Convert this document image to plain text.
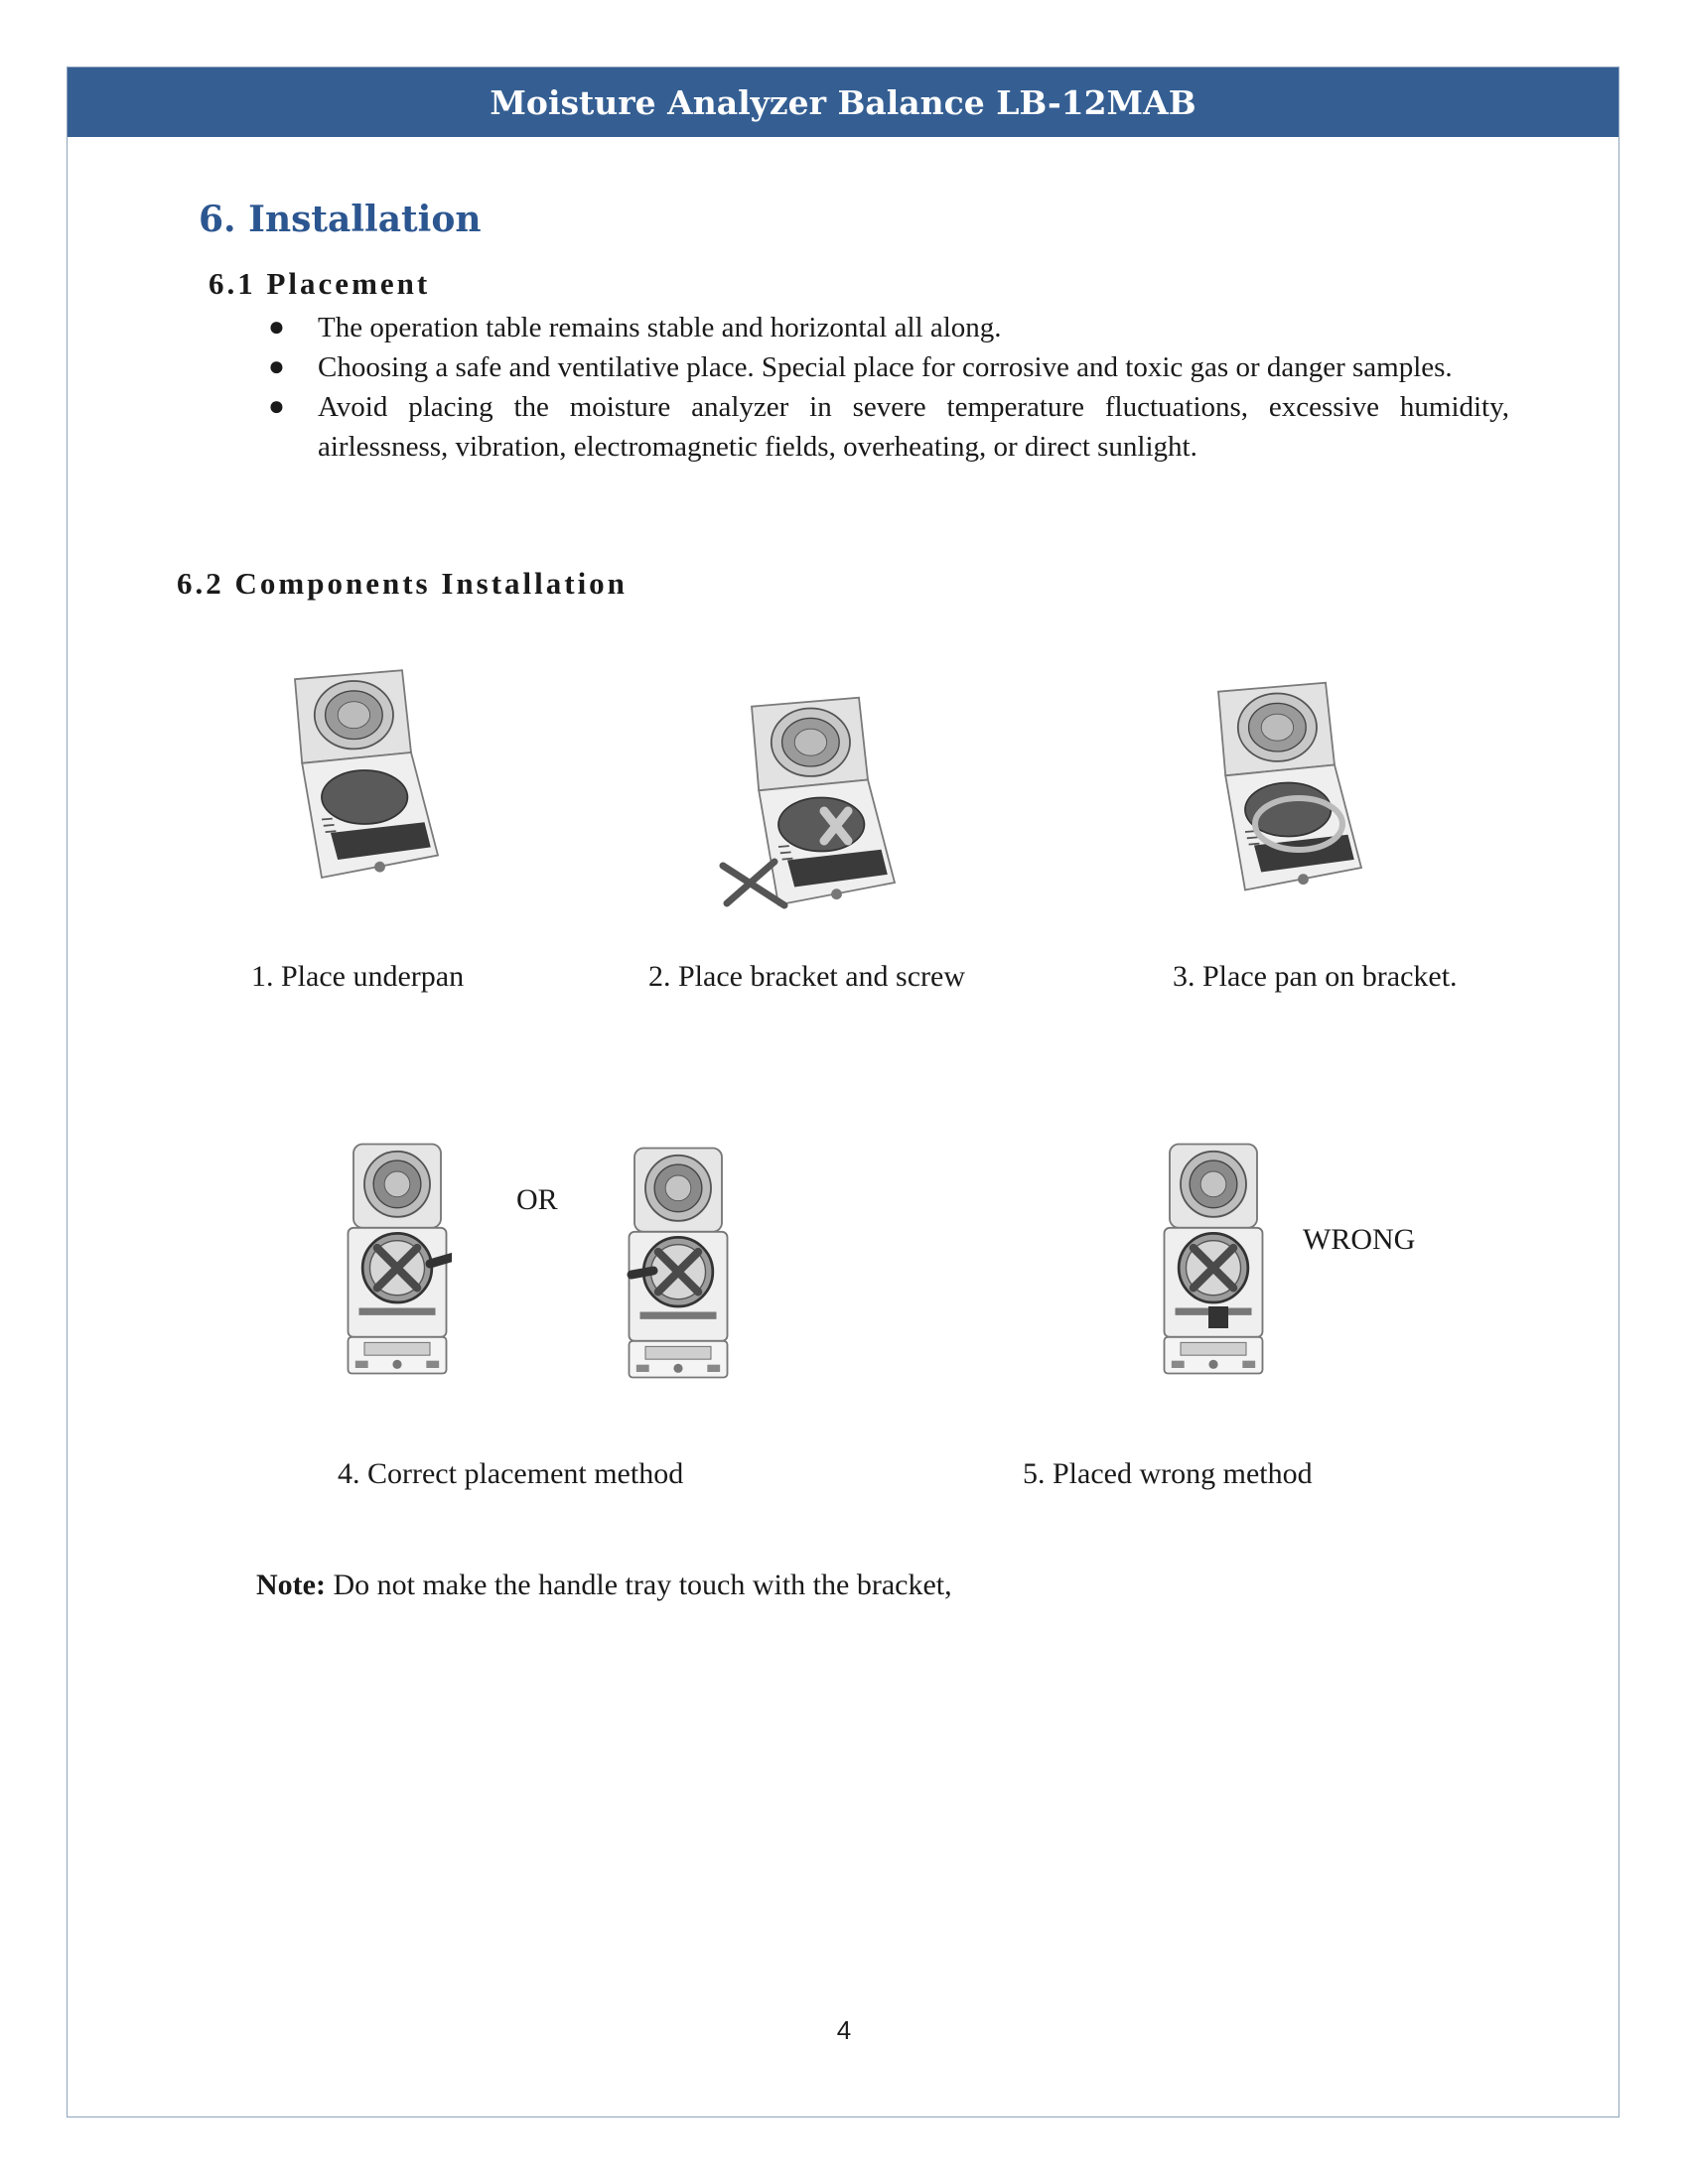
Moisture Analyzer Balance LB-12MAB
6. Installation
6.1 Placement
● The operation table remains stable and horizontal all along.
● Choosing a safe and ventilative place. Special place for corrosive and toxic gas or danger samples.
● Avoid placing the moisture analyzer in severe temperature fluctuations, excessive humidity, airlessness, vibration, electromagnetic fields, overheating, or direct sunlight.
6.2 Components Installation
1. Place underpan	2. Place bracket and screw	3. Place pan on bracket.
OR
WRONG
4. Correct placement method	5. Placed wrong method
Note: Do not make the handle tray touch with the bracket,
4
